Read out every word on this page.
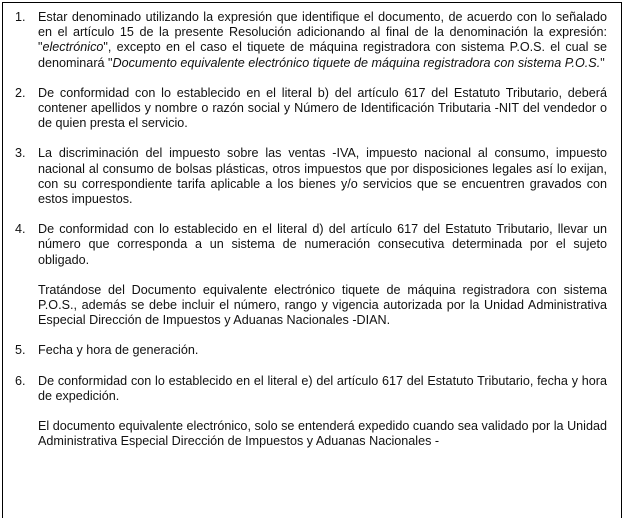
1. Estar denominado utilizando la expresión que identifique el documento, de acuerdo con lo señalado en el artículo 15 de la presente Resolución adicionando al final de la denominación la expresión: "electrónico", excepto en el caso el tiquete de máquina registradora con sistema P.O.S. el cual se denominará "Documento equivalente electrónico tiquete de máquina registradora con sistema P.O.S."

2. De conformidad con lo establecido en el literal b) del artículo 617 del Estatuto Tributario, deberá contener apellidos y nombre o razón social y Número de Identificación Tributaria -NIT del vendedor o de quien presta el servicio.

3. La discriminación del impuesto sobre las ventas -IVA, impuesto nacional al consumo, impuesto nacional al consumo de bolsas plásticas, otros impuestos que por disposiciones legales así lo exijan, con su correspondiente tarifa aplicable a los bienes y/o servicios que se encuentren gravados con estos impuestos.

4. De conformidad con lo establecido en el literal d) del artículo 617 del Estatuto Tributario, llevar un número que corresponda a un sistema de numeración consecutiva determinada por el sujeto obligado.

Tratándose del Documento equivalente electrónico tiquete de máquina registradora con sistema P.O.S., además se debe incluir el número, rango y vigencia autorizada por la Unidad Administrativa Especial Dirección de Impuestos y Aduanas Nacionales -DIAN.

5. Fecha y hora de generación.

6. De conformidad con lo establecido en el literal e) del artículo 617 del Estatuto Tributario, fecha y hora de expedición.

El documento equivalente electrónico, solo se entenderá expedido cuando sea validado por la Unidad Administrativa Especial Dirección de Impuestos y Aduanas Nacionales -
